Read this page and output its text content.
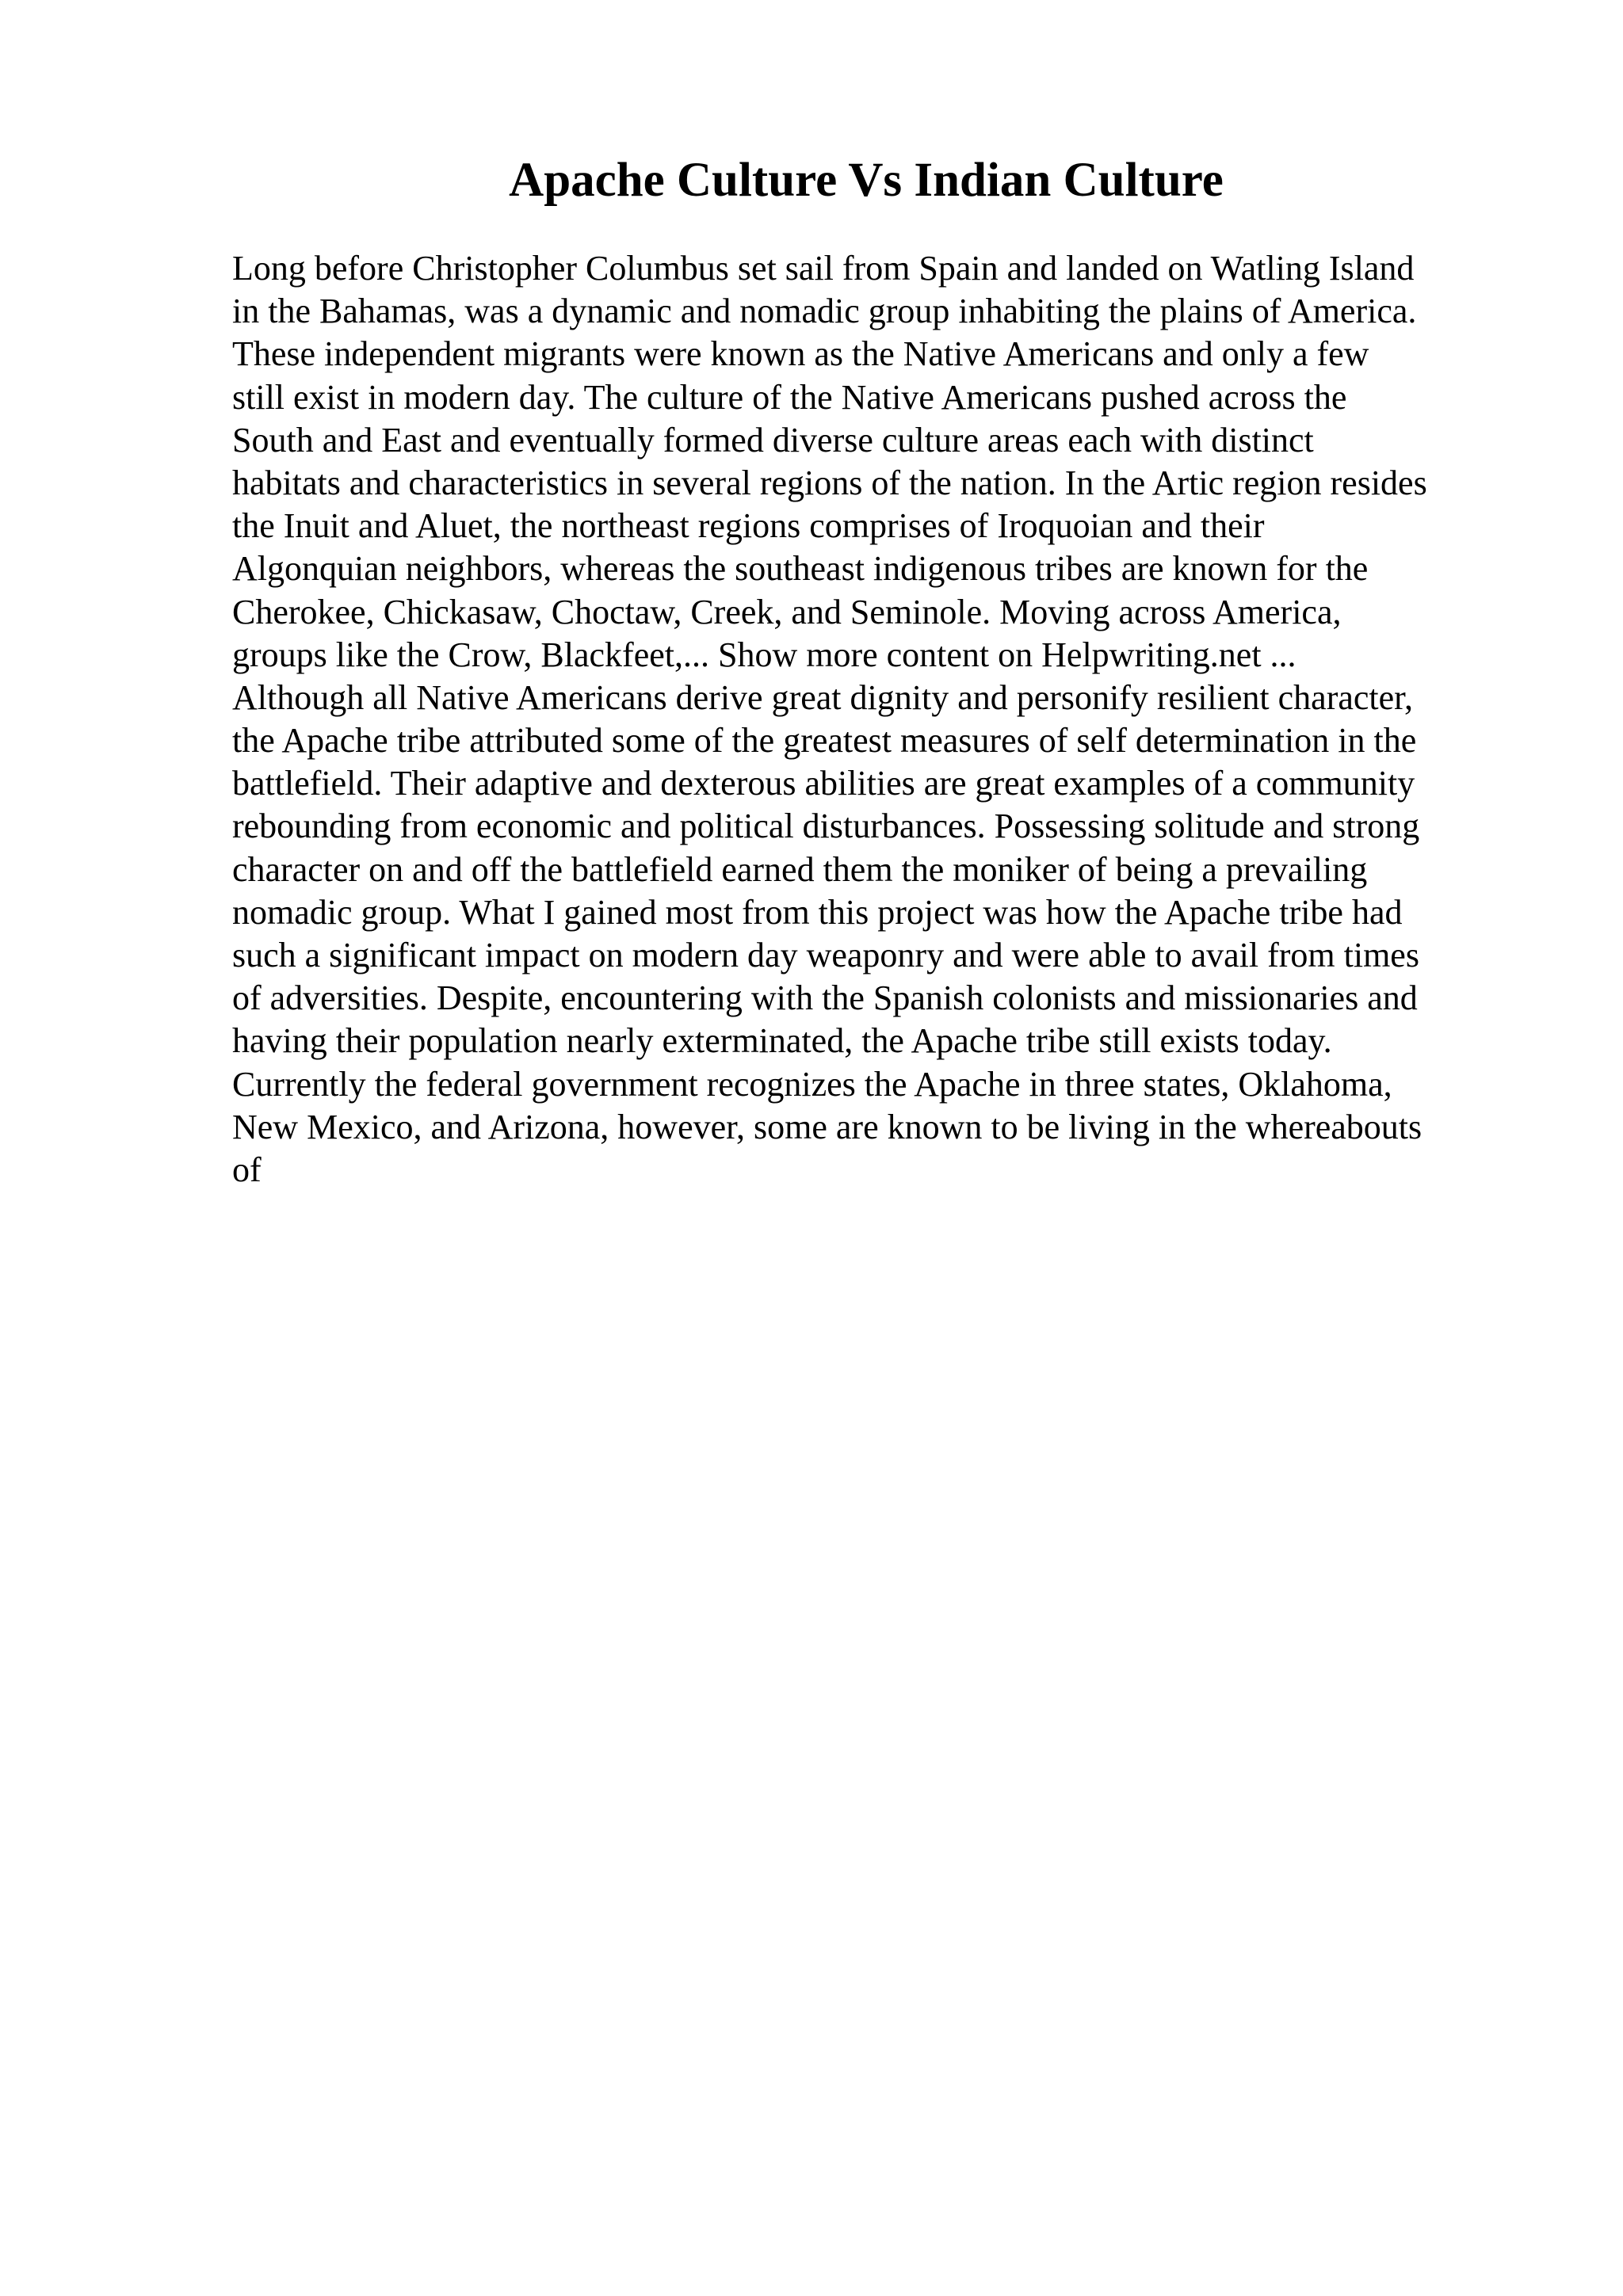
Apache Culture Vs Indian Culture
Long before Christopher Columbus set sail from Spain and landed on Watling Island
in the Bahamas, was a dynamic and nomadic group inhabiting the plains of America.
These independent migrants were known as the Native Americans and only a few
still exist in modern day. The culture of the Native Americans pushed across the
South and East and eventually formed diverse culture areas each with distinct
habitats and characteristics in several regions of the nation. In the Artic region resides
the Inuit and Aluet, the northeast regions comprises of Iroquoian and their
Algonquian neighbors, whereas the southeast indigenous tribes are known for the
Cherokee, Chickasaw, Choctaw, Creek, and Seminole. Moving across America,
groups like the Crow, Blackfeet,... Show more content on Helpwriting.net ...
Although all Native Americans derive great dignity and personify resilient character,
the Apache tribe attributed some of the greatest measures of self determination in the
battlefield. Their adaptive and dexterous abilities are great examples of a community
rebounding from economic and political disturbances. Possessing solitude and strong
character on and off the battlefield earned them the moniker of being a prevailing
nomadic group. What I gained most from this project was how the Apache tribe had
such a significant impact on modern day weaponry and were able to avail from times
of adversities. Despite, encountering with the Spanish colonists and missionaries and
having their population nearly exterminated, the Apache tribe still exists today.
Currently the federal government recognizes the Apache in three states, Oklahoma,
New Mexico, and Arizona, however, some are known to be living in the whereabouts
of
